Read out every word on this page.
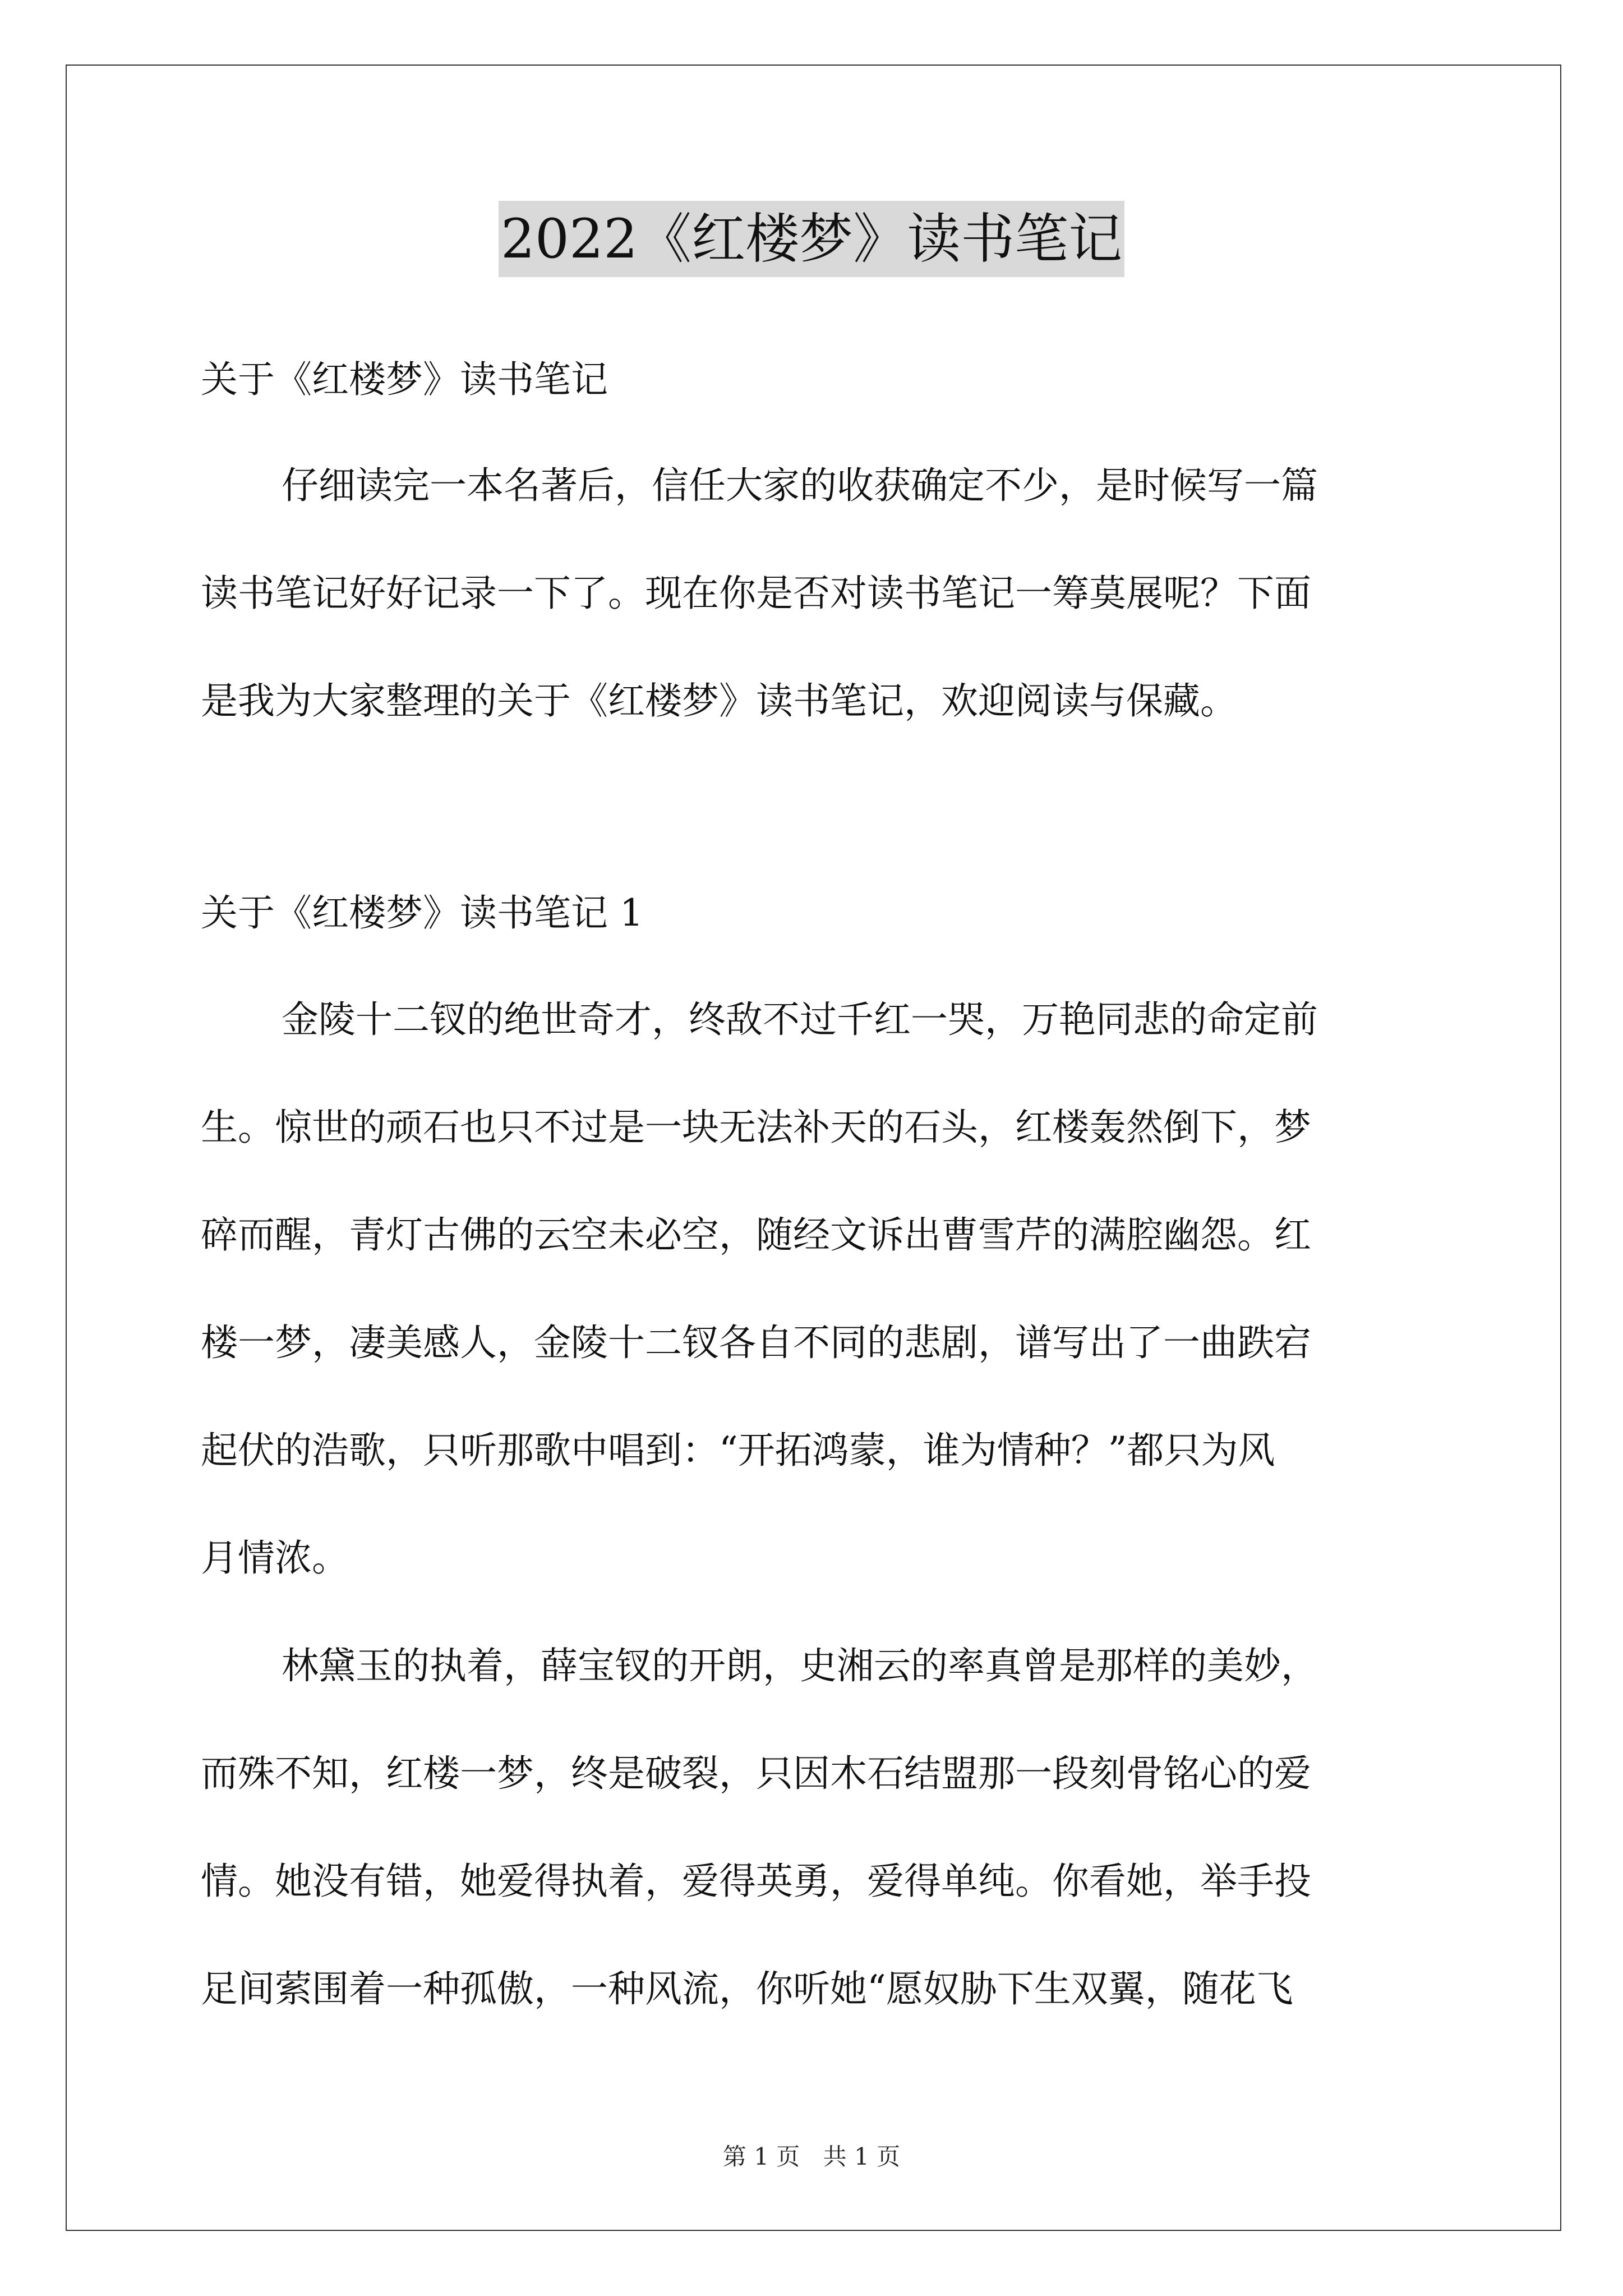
2022《红楼梦》读书笔记

关于《红楼梦》读书笔记

仔细读完一本名著后，信任大家的收获确定不少，是时候写一篇

读书笔记好好记录一下了。现在你是否对读书笔记一筹莫展呢？下面

是我为大家整理的关于《红楼梦》读书笔记，欢迎阅读与保藏。

关于《红楼梦》读书笔记 1

金陵十二钗的绝世奇才，终敌不过千红一哭，万艳同悲的命定前

生。惊世的顽石也只不过是一块无法补天的石头，红楼轰然倒下，梦

碎而醒，青灯古佛的云空未必空，随经文诉出曹雪芹的满腔幽怨。红

楼一梦，凄美感人，金陵十二钗各自不同的悲剧，谱写出了一曲跌宕

起伏的浩歌，只听那歌中唱到：“开拓鸿蒙，谁为情种？”都只为风

月情浓。

林黛玉的执着，薛宝钗的开朗，史湘云的率真曾是那样的美妙，

而殊不知，红楼一梦，终是破裂，只因木石结盟那一段刻骨铭心的爱

情。她没有错，她爱得执着，爱得英勇，爱得单纯。你看她，举手投

足间萦围着一种孤傲，一种风流，你听她“愿奴胁下生双翼，随花飞

第 1 页 共 1 页
